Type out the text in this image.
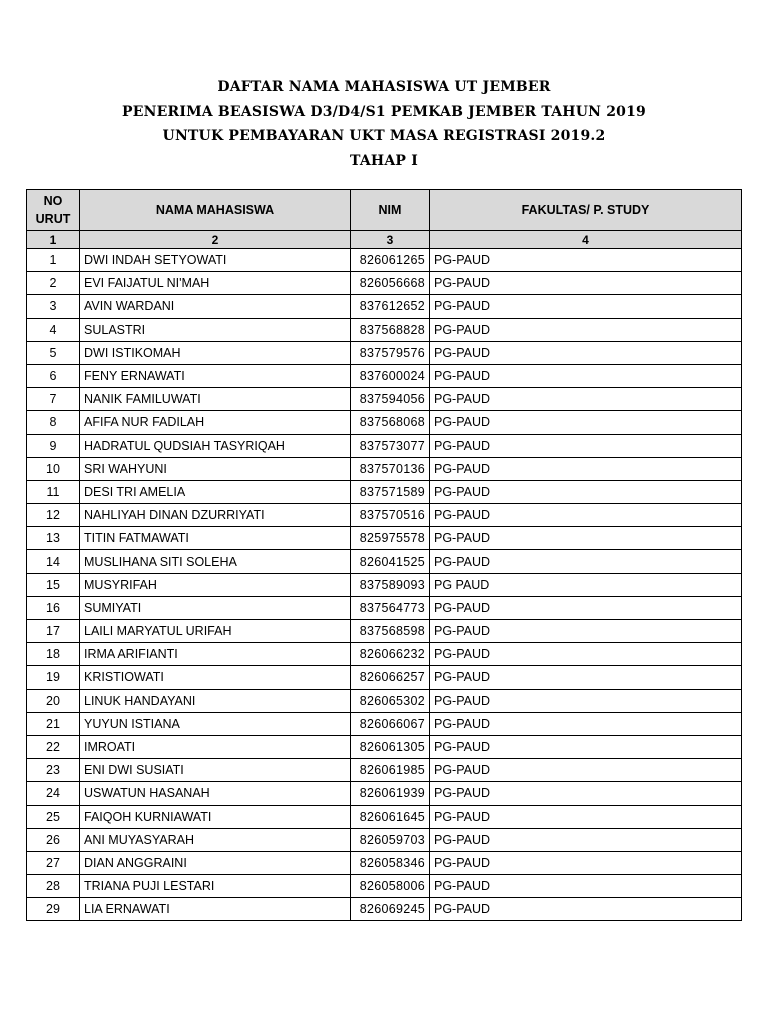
DAFTAR NAMA MAHASISWA UT JEMBER
PENERIMA BEASISWA D3/D4/S1 PEMKAB JEMBER TAHUN 2019
UNTUK PEMBAYARAN UKT MASA REGISTRASI 2019.2
TAHAP I
NO
URUT	NAMA MAHASISWA	NIM	FAKULTAS/ P. STUDY
1	2	3	4
1	DWI INDAH SETYOWATI	826061265	PG-PAUD
2	EVI FAIJATUL NI'MAH	826056668	PG-PAUD
3	AVIN WARDANI	837612652	PG-PAUD
4	SULASTRI	837568828	PG-PAUD
5	DWI ISTIKOMAH	837579576	PG-PAUD
6	FENY ERNAWATI	837600024	PG-PAUD
7	NANIK FAMILUWATI	837594056	PG-PAUD
8	AFIFA NUR FADILAH	837568068	PG-PAUD
9	HADRATUL QUDSIAH TASYRIQAH	837573077	PG-PAUD
10	SRI WAHYUNI	837570136	PG-PAUD
11	DESI TRI AMELIA	837571589	PG-PAUD
12	NAHLIYAH DINAN DZURRIYATI	837570516	PG-PAUD
13	TITIN FATMAWATI	825975578	PG-PAUD
14	MUSLIHANA SITI SOLEHA	826041525	PG-PAUD
15	MUSYRIFAH	837589093	PG PAUD
16	SUMIYATI	837564773	PG-PAUD
17	LAILI MARYATUL URIFAH	837568598	PG-PAUD
18	IRMA ARIFIANTI	826066232	PG-PAUD
19	KRISTIOWATI	826066257	PG-PAUD
20	LINUK HANDAYANI	826065302	PG-PAUD
21	YUYUN ISTIANA	826066067	PG-PAUD
22	IMROATI	826061305	PG-PAUD
23	ENI DWI SUSIATI	826061985	PG-PAUD
24	USWATUN HASANAH	826061939	PG-PAUD
25	FAIQOH KURNIAWATI	826061645	PG-PAUD
26	ANI MUYASYARAH	826059703	PG-PAUD
27	DIAN ANGGRAINI	826058346	PG-PAUD
28	TRIANA PUJI LESTARI	826058006	PG-PAUD
29	LIA ERNAWATI	826069245	PG-PAUD
